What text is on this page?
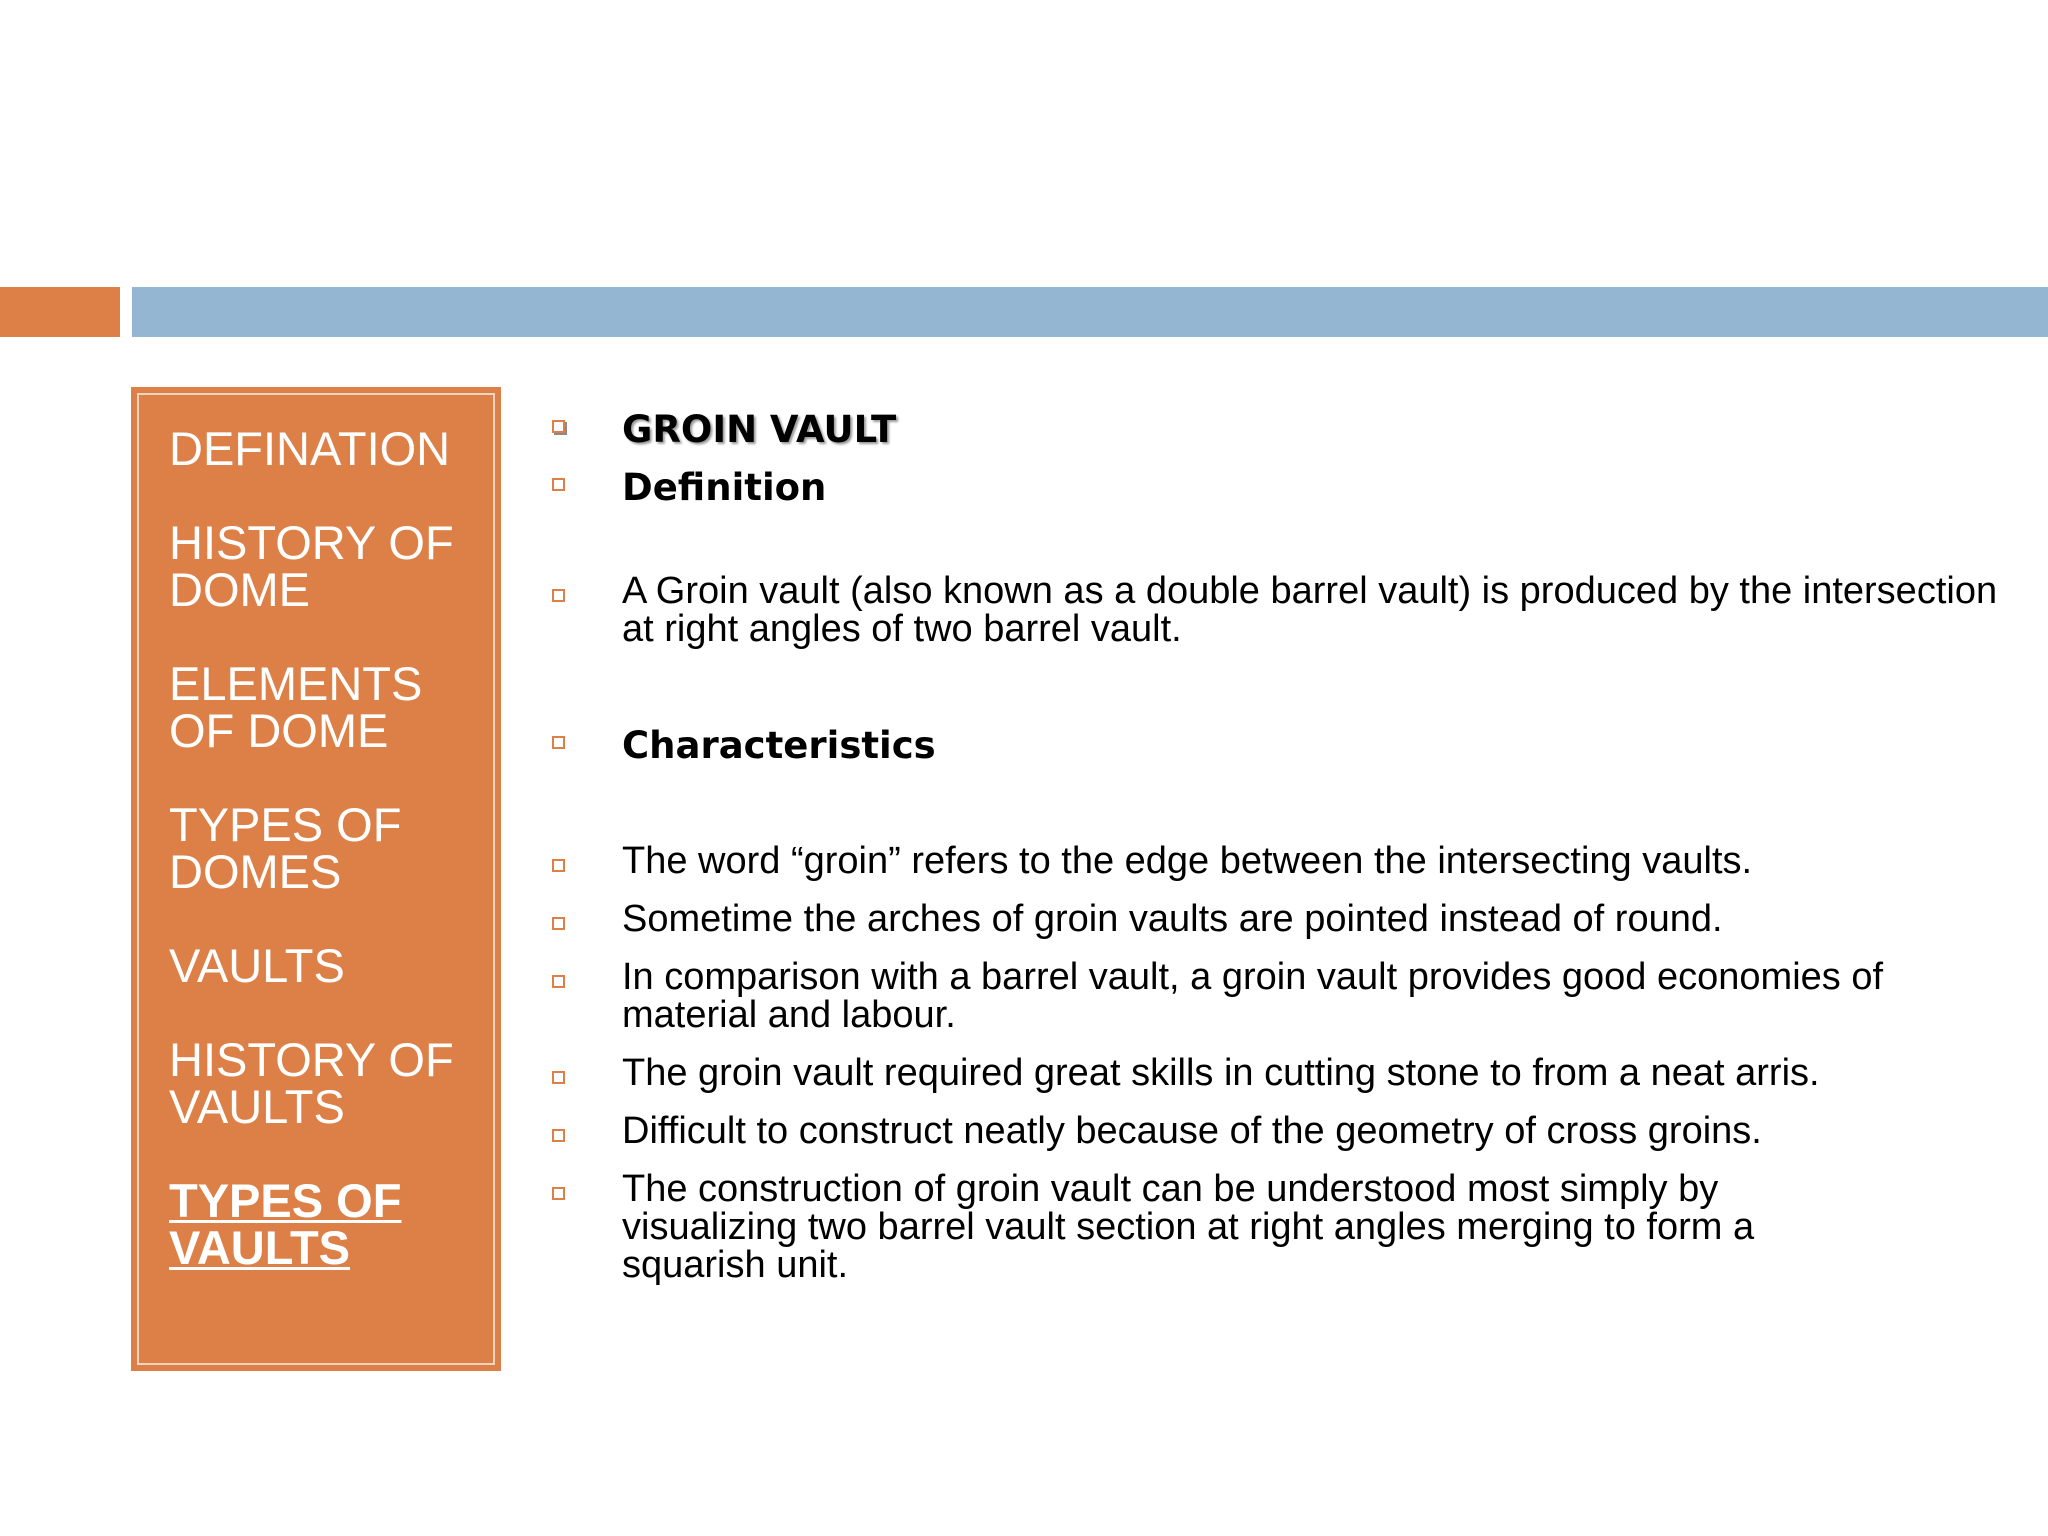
DEFINATION
HISTORY OF DOME
ELEMENTS OF DOME
TYPES OF DOMES
VAULTS
HISTORY OF VAULTS
TYPES OF VAULTS
GROIN VAULT
Definition
A Groin vault (also known as a double barrel vault) is produced by the intersection at right angles of two barrel vault.
Characteristics
The word “groin” refers to the edge between the intersecting vaults.
Sometime the arches of groin vaults are pointed instead of round.
In comparison with a barrel vault, a groin vault provides good economies of material and labour.
The groin vault required great skills in cutting stone to from a neat arris.
Difficult to construct neatly because of the geometry of cross groins.
The construction of groin vault can be understood most simply by visualizing two barrel vault section at right angles merging to form a squarish unit.
